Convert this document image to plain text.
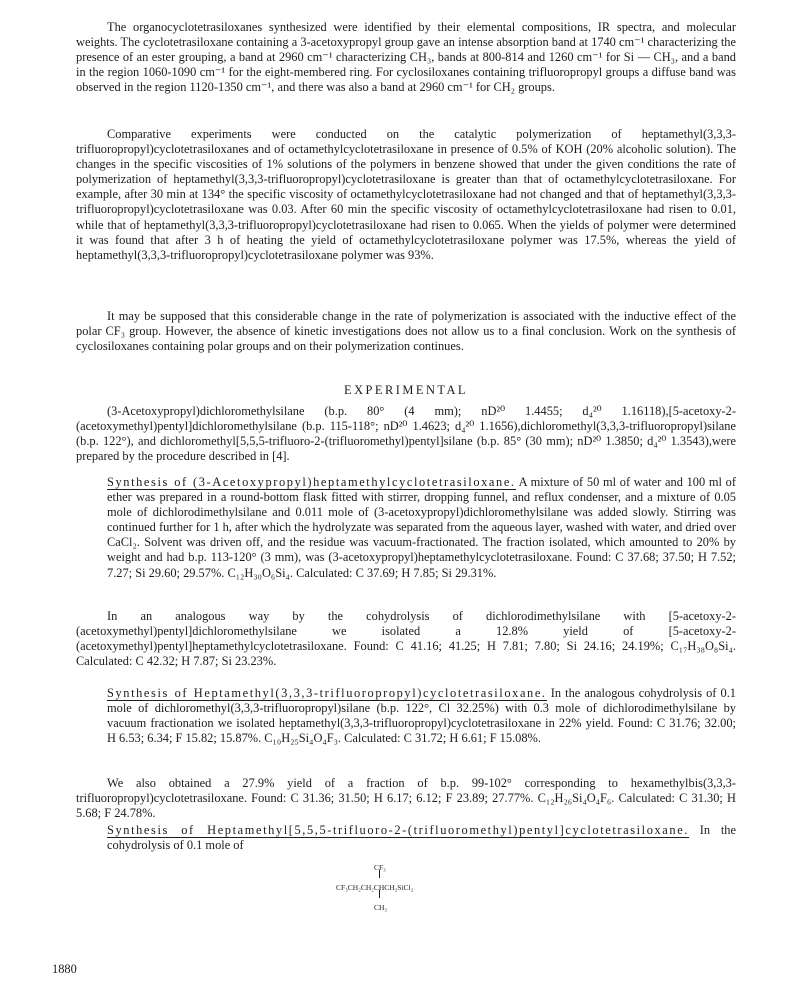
The organocyclotetrasiloxanes synthesized were identified by their elemental compositions, IR spectra, and molecular weights. The cyclotetrasiloxane containing a 3-acetoxypropyl group gave an intense absorption band at 1740 cm⁻¹ characterizing the presence of an ester grouping, a band at 2960 cm⁻¹ characterizing CH₃, bands at 800-814 and 1260 cm⁻¹ for Si — CH₃, and a band in the region 1060-1090 cm⁻¹ for the eight-membered ring. For cyclosiloxanes containing trifluoropropyl groups a diffuse band was observed in the region 1120-1350 cm⁻¹, and there was also a band at 2960 cm⁻¹ for CH₂ groups.

Comparative experiments were conducted on the catalytic polymerization of heptamethyl(3,3,3-trifluoropropyl)cyclotetrasiloxanes and of octamethylcyclotetrasiloxane in presence of 0.5% of KOH (20% alcoholic solution). The changes in the specific viscosities of 1% solutions of the polymers in benzene showed that under the given conditions the rate of polymerization of heptamethyl(3,3,3-trifluoropropyl)cyclotetrasiloxane is greater than that of octamethylcyclotetrasiloxane. For example, after 30 min at 134° the specific viscosity of octamethylcyclotetrasiloxane had not changed and that of heptamethyl(3,3,3-trifluoropropyl)cyclotetrasiloxane was 0.03. After 60 min the specific viscosity of octamethylcyclotetrasiloxane had risen to 0.01, while that of heptamethyl(3,3,3-trifluoropropyl)cyclotetrasiloxane had risen to 0.065. When the yields of polymer were determined it was found that after 3 h of heating the yield of octamethylcyclotetrasiloxane polymer was 17.5%, whereas the yield of heptamethyl(3,3,3-trifluoropropyl)cyclotetrasiloxane polymer was 93%.

It may be supposed that this considerable change in the rate of polymerization is associated with the inductive effect of the polar CF₃ group. However, the absence of kinetic investigations does not allow us to a final conclusion. Work on the synthesis of cyclosiloxanes containing polar groups and on their polymerization continues.

EXPERIMENTAL

(3-Acetoxypropyl)dichloromethylsilane (b.p. 80° (4 mm); nD²⁰ 1.4455; d₄²⁰ 1.16118),[5-acetoxy-2-(acetoxymethyl)pentyl]dichloromethylsilane (b.p. 115-118°; nD²⁰ 1.4623; d₄²⁰ 1.1656),dichloromethyl(3,3,3-trifluoropropyl)silane (b.p. 122°), and dichloromethyl[5,5,5-trifluoro-2-(trifluoromethyl)pentyl]silane (b.p. 85° (30 mm); nD²⁰ 1.3850; d₄²⁰ 1.3543),were prepared by the procedure described in [4].

Synthesis of (3-Acetoxypropyl)heptamethylcyclotetrasiloxane. A mixture of 50 ml of water and 100 ml of ether was prepared in a round-bottom flask fitted with stirrer, dropping funnel, and reflux condenser, and a mixture of 0.05 mole of dichlorodimethylsilane and 0.011 mole of (3-acetoxypropyl)dichloromethylsilane was added slowly. Stirring was continued further for 1 h, after which the hydrolyzate was separated from the aqueous layer, washed with water, and dried over CaCl₂. Solvent was driven off, and the residue was vacuum-fractionated. The fraction isolated, which amounted to 20% by weight and had b.p. 113-120° (3 mm), was (3-acetoxypropyl)heptamethylcyclotetrasiloxane. Found: C 37.68; 37.50; H 7.52; 7.27; Si 29.60; 29.57%. C₁₂H₃₀O₆Si₄. Calculated: C 37.69; H 7.85; Si 29.31%.

In an analogous way by the cohydrolysis of dichlorodimethylsilane with [5-acetoxy-2-(acetoxymethyl)pentyl]dichloromethylsilane we isolated a 12.8% yield of [5-acetoxy-2-(acetoxymethyl)pentyl]heptamethylcyclotetrasiloxane. Found: C 41.16; 41.25; H 7.81; 7.80; Si 24.16; 24.19%; C₁₇H₃₈O₈Si₄. Calculated: C 42.32; H 7.87; Si 23.23%.

Synthesis of Heptamethyl(3,3,3-trifluoropropyl)cyclotetrasiloxane. In the analogous cohydrolysis of 0.1 mole of dichloromethyl(3,3,3-trifluoropropyl)silane (b.p. 122°, Cl 32.25%) with 0.3 mole of dichlorodimethylsilane by vacuum fractionation we isolated heptamethyl(3,3,3-trifluoropropyl)cyclotetrasiloxane in 22% yield. Found: C 31.76; 32.00; H 6.53; 6.34; F 15.82; 15.87%. C₁₀H₂₅Si₄O₄F₃. Calculated: C 31.72; H 6.61; F 15.08%.

We also obtained a 27.9% yield of a fraction of b.p. 99-102° corresponding to hexamethylbis(3,3,3-trifluoropropyl)cyclotetrasiloxane. Found: C 31.36; 31.50; H 6.17; 6.12; F 23.89; 27.77%. C₁₂H₂₆Si₄O₄F₆. Calculated: C 31.30; H 5.68; F 24.78%.

Synthesis of Heptamethyl[5,5,5-trifluoro-2-(trifluoromethyl)pentyl]cyclotetrasiloxane. In the cohydrolysis of 0.1 mole of

CF₃
CF₃CH₂CH₂CHCH₂SiCl₂
CH₃
1880
